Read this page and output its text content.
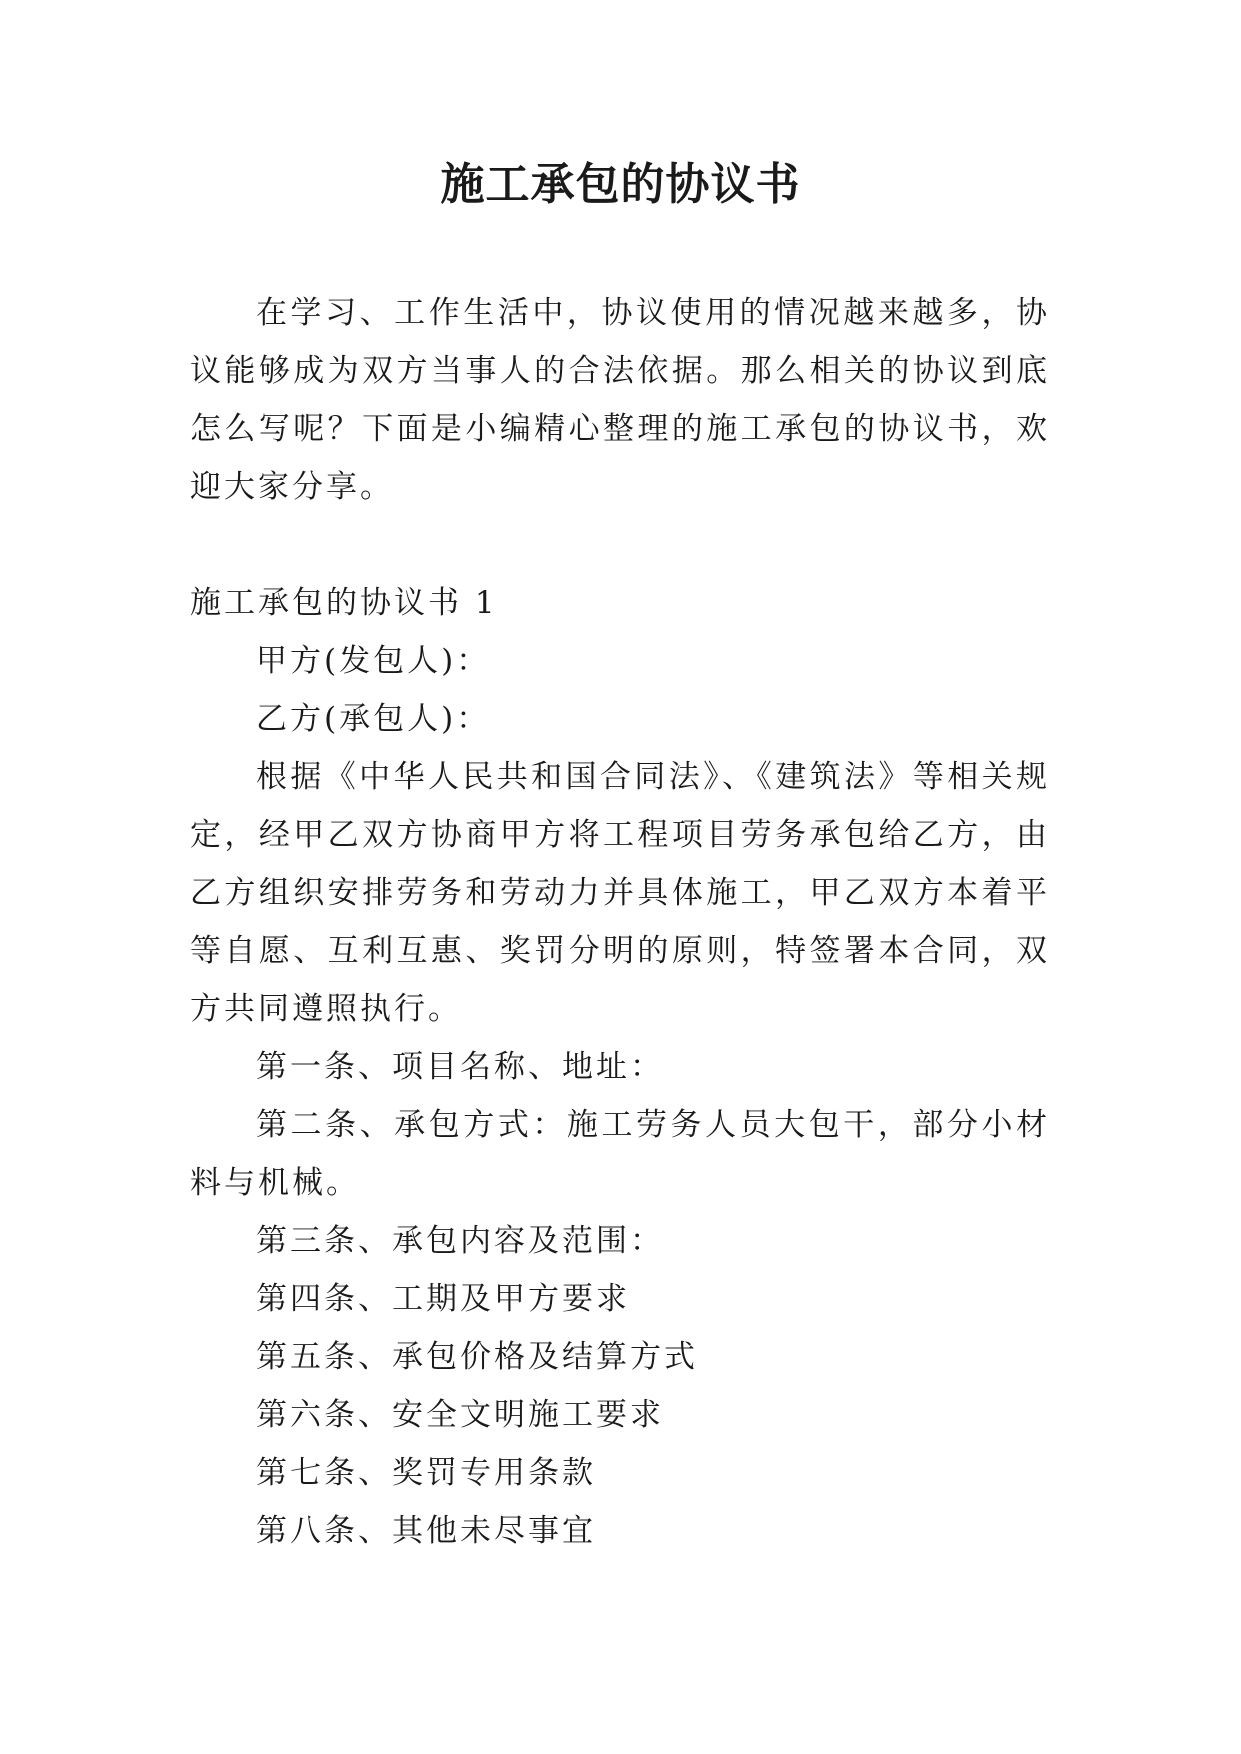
施工承包的协议书

在学习、工作生活中，协议使用的情况越来越多，协议能够成为双方当事人的合法依据。那么相关的协议到底怎么写呢？下面是小编精心整理的施工承包的协议书，欢迎大家分享。

施工承包的协议书 1

甲方(发包人)：

乙方(承包人)：

根据《中华人民共和国合同法》、《建筑法》等相关规定，经甲乙双方协商甲方将工程项目劳务承包给乙方，由乙方组织安排劳务和劳动力并具体施工，甲乙双方本着平等自愿、互利互惠、奖罚分明的原则，特签署本合同，双方共同遵照执行。

第一条、项目名称、地址：

第二条、承包方式：施工劳务人员大包干，部分小材料与机械。

第三条、承包内容及范围：

第四条、工期及甲方要求

第五条、承包价格及结算方式

第六条、安全文明施工要求

第七条、奖罚专用条款

第八条、其他未尽事宜
